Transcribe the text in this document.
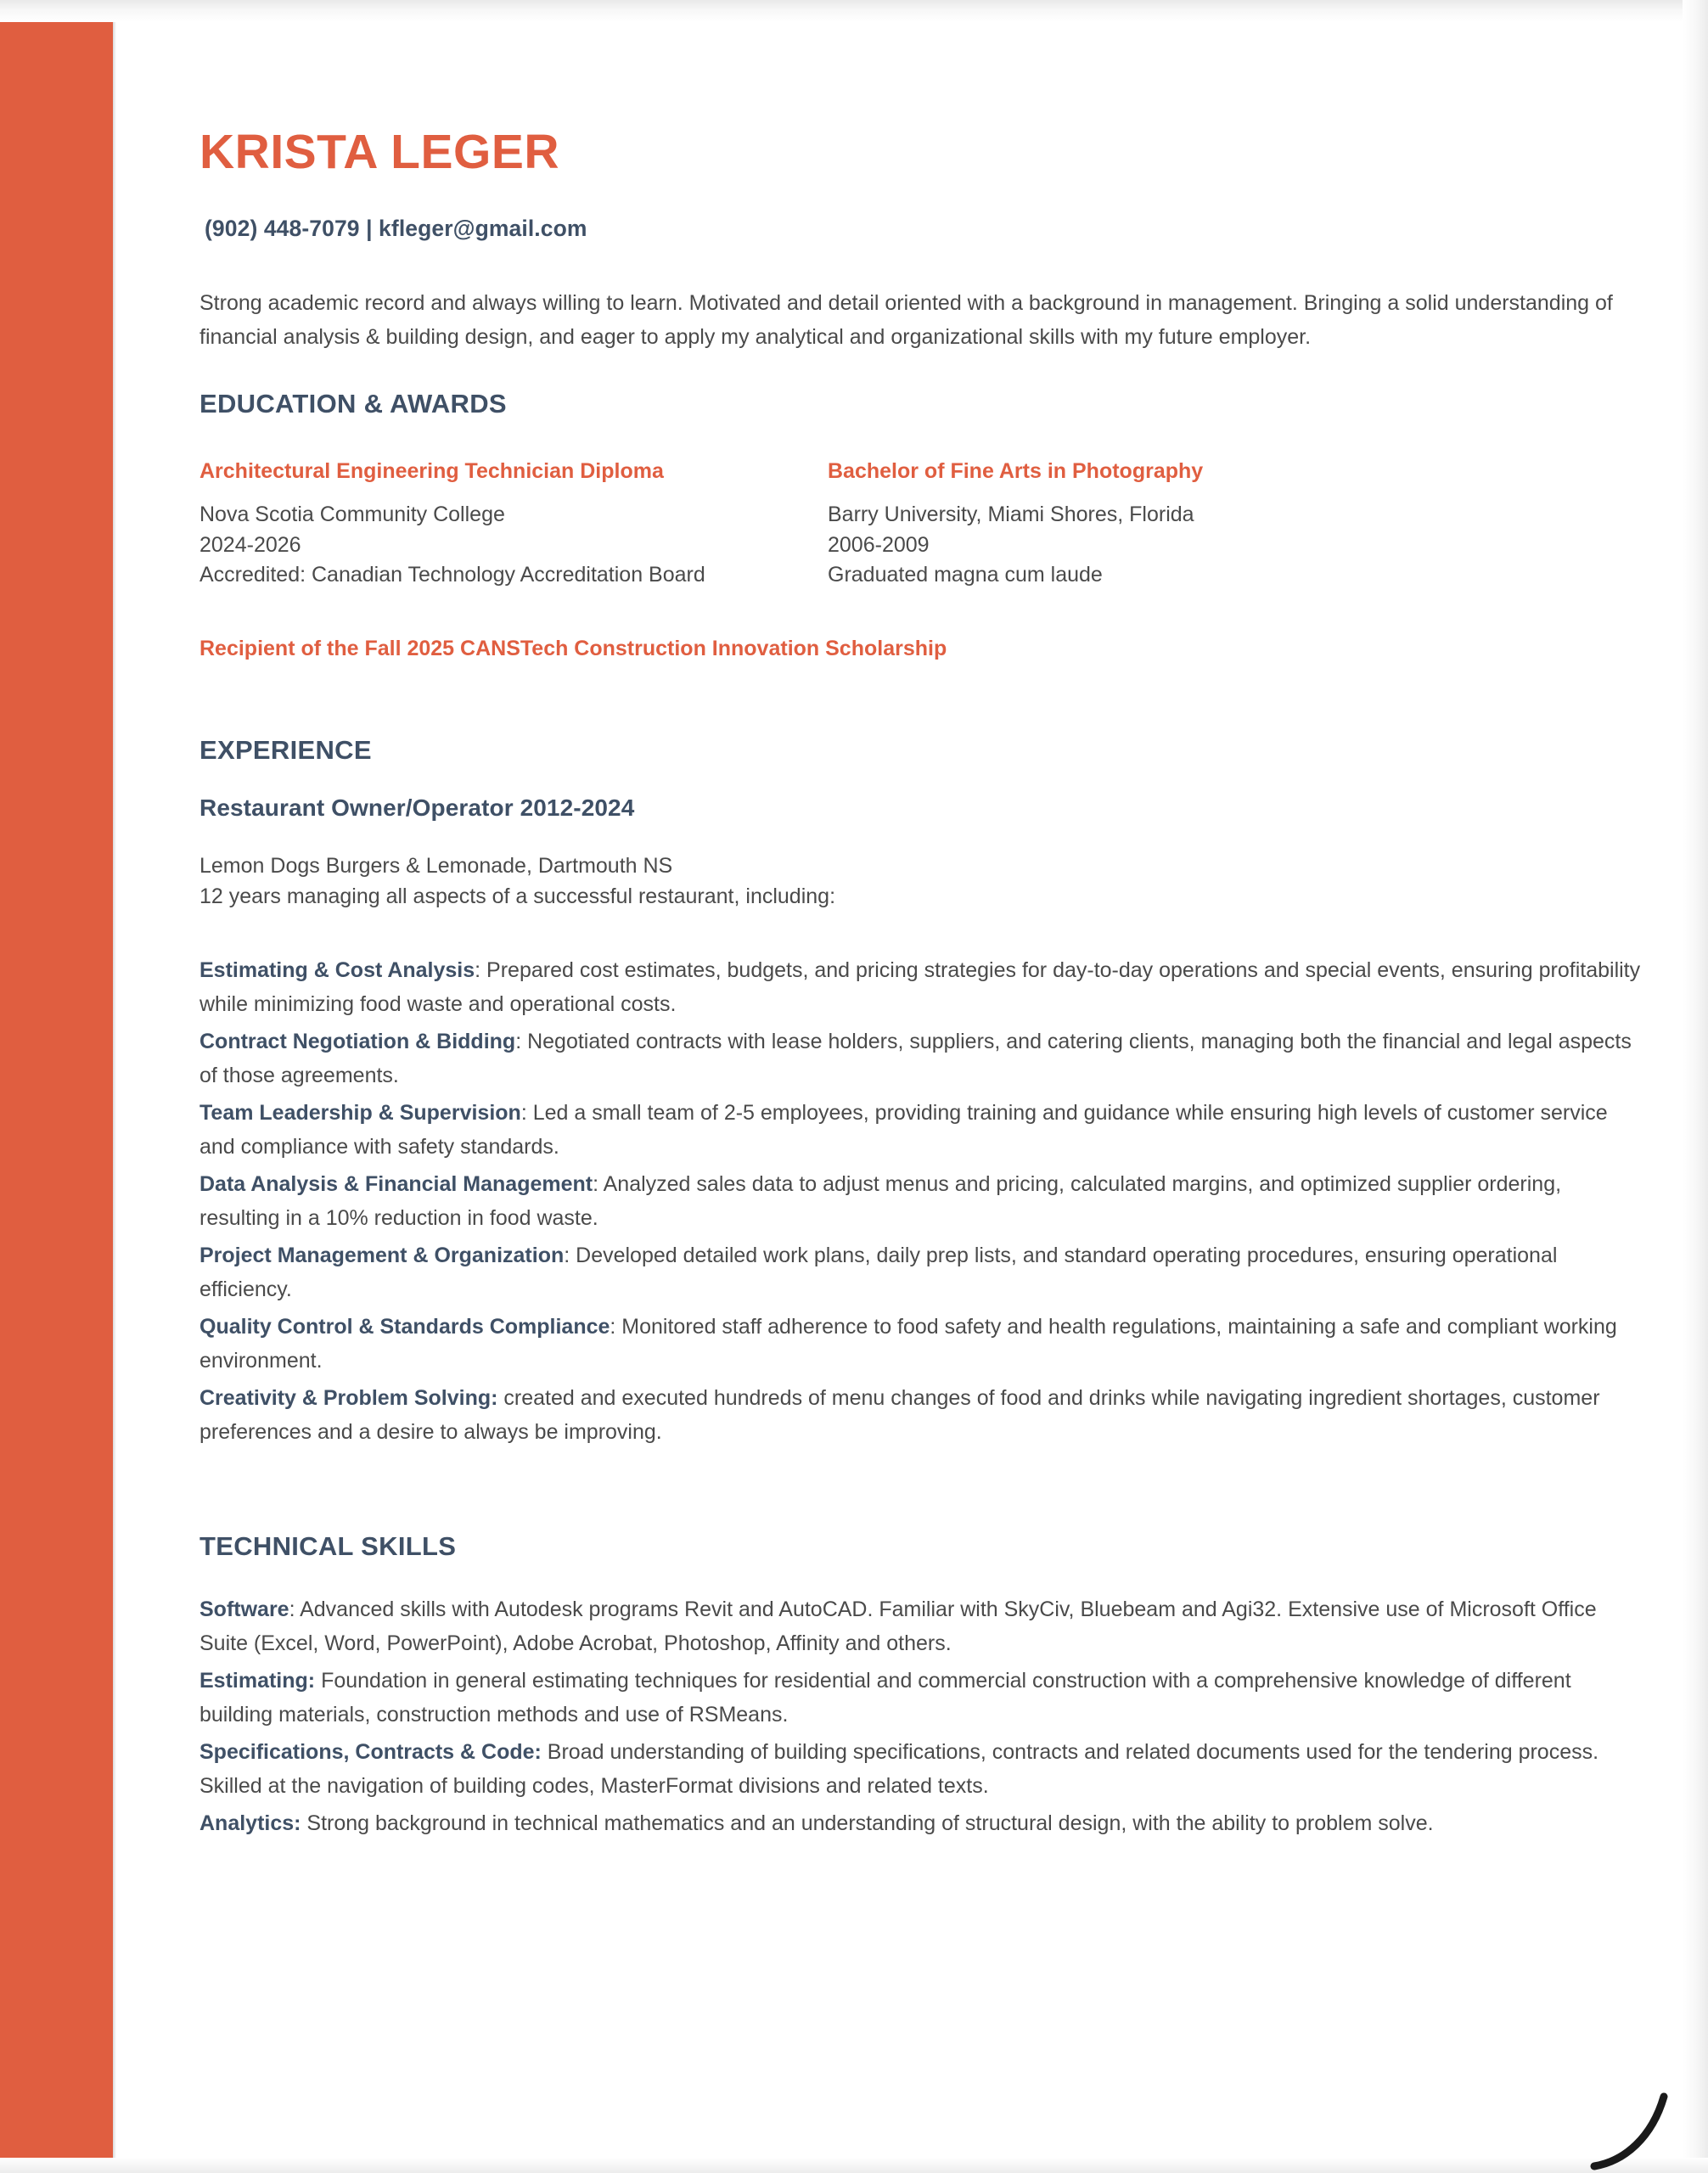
KRISTA LEGER
(902) 448-7079 | kfleger@gmail.com

Strong academic record and always willing to learn. Motivated and detail oriented with a background in management. Bringing a solid understanding of financial analysis & building design, and eager to apply my analytical and organizational skills with my future employer.

EDUCATION & AWARDS
Architectural Engineering Technician Diploma
Nova Scotia Community College
2024-2026
Accredited: Canadian Technology Accreditation Board
Bachelor of Fine Arts in Photography
Barry University, Miami Shores, Florida
2006-2009
Graduated magna cum laude
Recipient of the Fall 2025 CANSTech Construction Innovation Scholarship
EXPERIENCE
Restaurant Owner/Operator 2012-2024
Lemon Dogs Burgers & Lemonade, Dartmouth NS
12 years managing all aspects of a successful restaurant, including:

Estimating & Cost Analysis: Prepared cost estimates, budgets, and pricing strategies for day-to-day operations and special events, ensuring profitability while minimizing food waste and operational costs.

Contract Negotiation & Bidding: Negotiated contracts with lease holders, suppliers, and catering clients, managing both the financial and legal aspects of those agreements.

Team Leadership & Supervision: Led a small team of 2-5 employees, providing training and guidance while ensuring high levels of customer service and compliance with safety standards.

Data Analysis & Financial Management: Analyzed sales data to adjust menus and pricing, calculated margins, and optimized supplier ordering, resulting in a 10% reduction in food waste.

Project Management & Organization: Developed detailed work plans, daily prep lists, and standard operating procedures, ensuring operational efficiency.

Quality Control & Standards Compliance: Monitored staff adherence to food safety and health regulations, maintaining a safe and compliant working environment.

Creativity & Problem Solving: created and executed hundreds of menu changes of food and drinks while navigating ingredient shortages, customer preferences and a desire to always be improving.

TECHNICAL SKILLS

Software: Advanced skills with Autodesk programs Revit and AutoCAD. Familiar with SkyCiv, Bluebeam and Agi32. Extensive use of Microsoft Office Suite (Excel, Word, PowerPoint), Adobe Acrobat, Photoshop, Affinity and others.

Estimating: Foundation in general estimating techniques for residential and commercial construction with a comprehensive knowledge of different building materials, construction methods and use of RSMeans.

Specifications, Contracts & Code: Broad understanding of building specifications, contracts and related documents used for the tendering process. Skilled at the navigation of building codes, MasterFormat divisions and related texts.

Analytics: Strong background in technical mathematics and an understanding of structural design, with the ability to problem solve.
